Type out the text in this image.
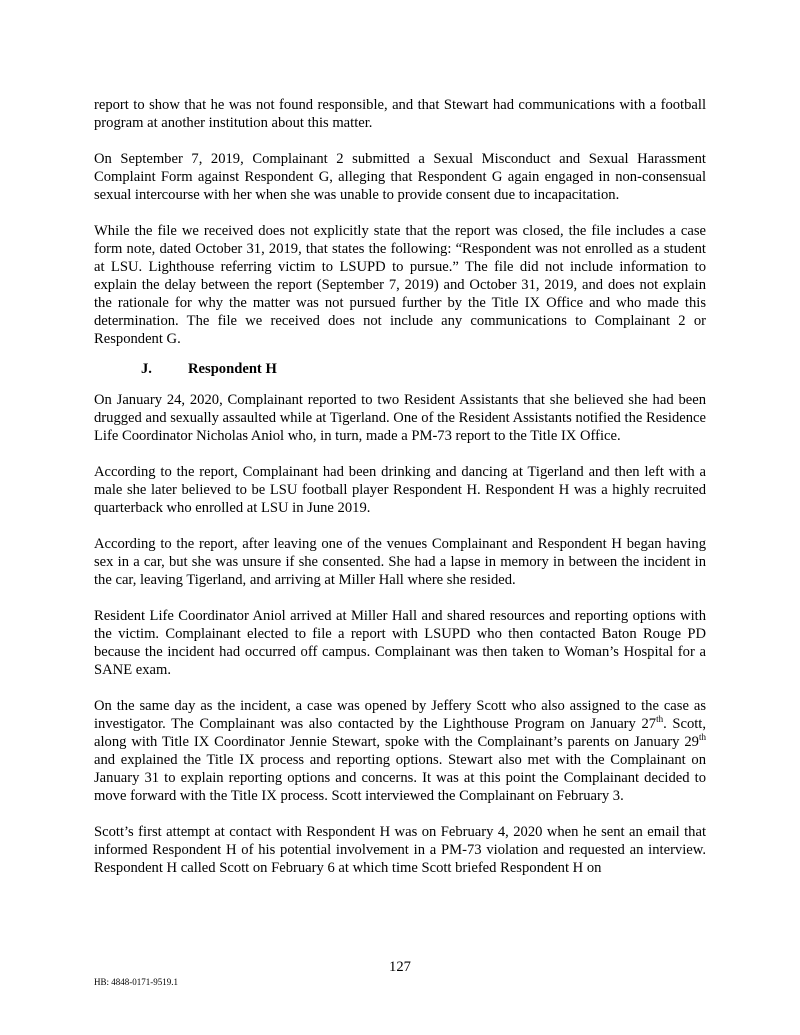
report to show that he was not found responsible, and that Stewart had communications with a football program at another institution about this matter.

On September 7, 2019, Complainant 2 submitted a Sexual Misconduct and Sexual Harassment Complaint Form against Respondent G, alleging that Respondent G again engaged in non-consensual sexual intercourse with her when she was unable to provide consent due to incapacitation.

While the file we received does not explicitly state that the report was closed, the file includes a case form note, dated October 31, 2019, that states the following: “Respondent was not enrolled as a student at LSU. Lighthouse referring victim to LSUPD to pursue.” The file did not include information to explain the delay between the report (September 7, 2019) and October 31, 2019, and does not explain the rationale for why the matter was not pursued further by the Title IX Office and who made this determination. The file we received does not include any communications to Complainant 2 or Respondent G.

J. Respondent H

On January 24, 2020, Complainant reported to two Resident Assistants that she believed she had been drugged and sexually assaulted while at Tigerland. One of the Resident Assistants notified the Residence Life Coordinator Nicholas Aniol who, in turn, made a PM-73 report to the Title IX Office.

According to the report, Complainant had been drinking and dancing at Tigerland and then left with a male she later believed to be LSU football player Respondent H. Respondent H was a highly recruited quarterback who enrolled at LSU in June 2019.

According to the report, after leaving one of the venues Complainant and Respondent H began having sex in a car, but she was unsure if she consented. She had a lapse in memory in between the incident in the car, leaving Tigerland, and arriving at Miller Hall where she resided.

Resident Life Coordinator Aniol arrived at Miller Hall and shared resources and reporting options with the victim. Complainant elected to file a report with LSUPD who then contacted Baton Rouge PD because the incident had occurred off campus. Complainant was then taken to Woman’s Hospital for a SANE exam.

On the same day as the incident, a case was opened by Jeffery Scott who also assigned to the case as investigator. The Complainant was also contacted by the Lighthouse Program on January 27th. Scott, along with Title IX Coordinator Jennie Stewart, spoke with the Complainant’s parents on January 29th and explained the Title IX process and reporting options. Stewart also met with the Complainant on January 31 to explain reporting options and concerns. It was at this point the Complainant decided to move forward with the Title IX process. Scott interviewed the Complainant on February 3.

Scott’s first attempt at contact with Respondent H was on February 4, 2020 when he sent an email that informed Respondent H of his potential involvement in a PM-73 violation and requested an interview. Respondent H called Scott on February 6 at which time Scott briefed Respondent H on

127
HB: 4848-0171-9519.1
